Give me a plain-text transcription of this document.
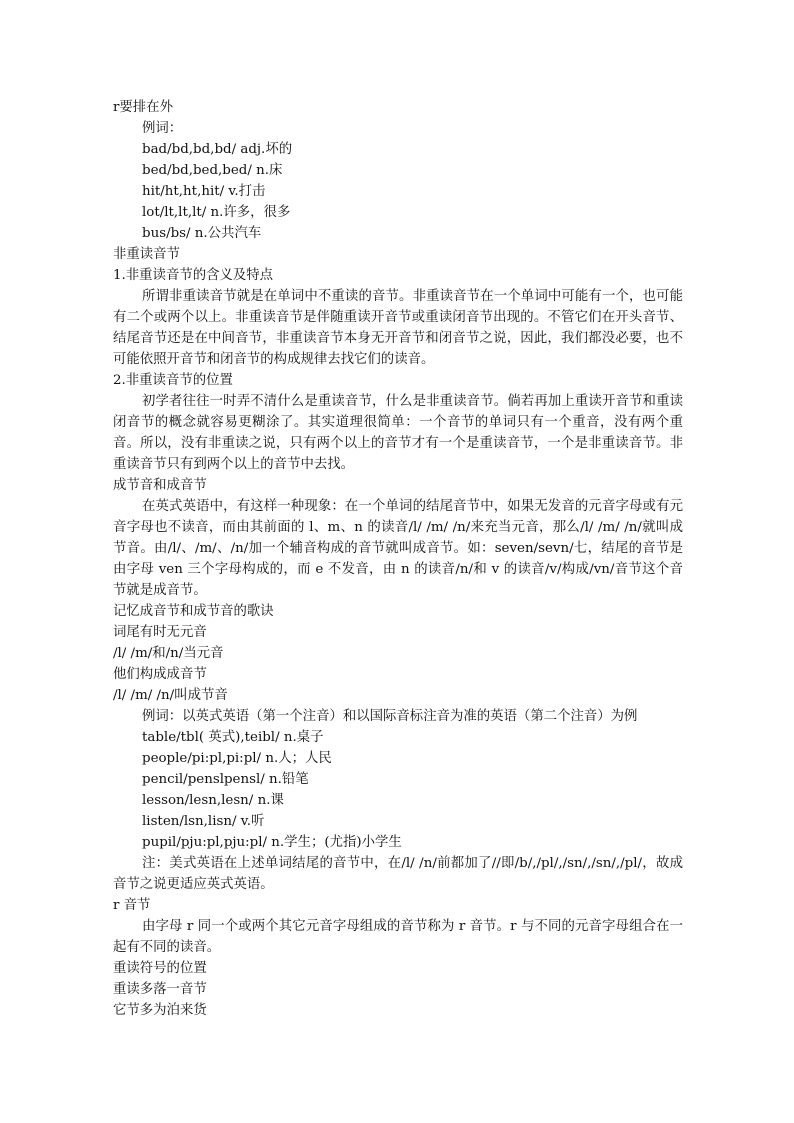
r要排在外
例词：
bad/bd,bd,bd/ adj.坏的
bed/bd,bed,bed/ n.床
hit/ht,ht,hit/ v.打击
lot/lt,lt,lt/ n.许多，很多
bus/bs/ n.公共汽车
非重读音节
1.非重读音节的含义及特点

所谓非重读音节就是在单词中不重读的音节。非重读音节在一个单词中可能有一个，也可能有二个或两个以上。非重读音节是伴随重读开音节或重读闭音节出现的。不管它们在开头音节、结尾音节还是在中间音节，非重读音节本身无开音节和闭音节之说，因此，我们都没必要，也不可能依照开音节和闭音节的构成规律去找它们的读音。

2.非重读音节的位置

初学者往往一时弄不清什么是重读音节，什么是非重读音节。倘若再加上重读开音节和重读闭音节的概念就容易更糊涂了。其实道理很简单：一个音节的单词只有一个重音，没有两个重音。所以，没有非重读之说，只有两个以上的音节才有一个是重读音节，一个是非重读音节。非重读音节只有到两个以上的音节中去找。

成节音和成音节

在英式英语中，有这样一种现象：在一个单词的结尾音节中，如果无发音的元音字母或有元音字母也不读音，而由其前面的 l、m、n 的读音/l/ /m/ /n/来充当元音，那么/l/ /m/ /n/就叫成节音。由/l/、/m/、/n/加一个辅音构成的音节就叫成音节。如：seven/sevn/七，结尾的音节是由字母 ven 三个字母构成的，而 e 不发音，由 n 的读音/n/和 v 的读音/v/构成/vn/音节这个音节就是成音节。

记忆成音节和成节音的歌诀
词尾有时无元音
/l/ /m/和/n/当元音
他们构成成音节
/l/ /m/ /n/叫成节音
例词：以英式英语（第一个注音）和以国际音标注音为准的英语（第二个注音）为例
table/tbl( 英式),teibl/ n.桌子
people/pi:pl,pi:pl/ n.人；人民
pencil/penslpensl/ n.铅笔
lesson/lesn,lesn/ n.课
listen/lsn,lisn/ v.听
pupil/pju:pl,pju:pl/ n.学生；(尤指)小学生

注：美式英语在上述单词结尾的音节中，在/l/ /n/前都加了//即/b/,/pl/,/sn/,/sn/,/pl/，故成音节之说更适应英式英语。

r 音节

由字母 r 同一个或两个其它元音字母组成的音节称为 r 音节。r 与不同的元音字母组合在一起有不同的读音。

重读符号的位置
重读多落一音节
它节多为泊来货
